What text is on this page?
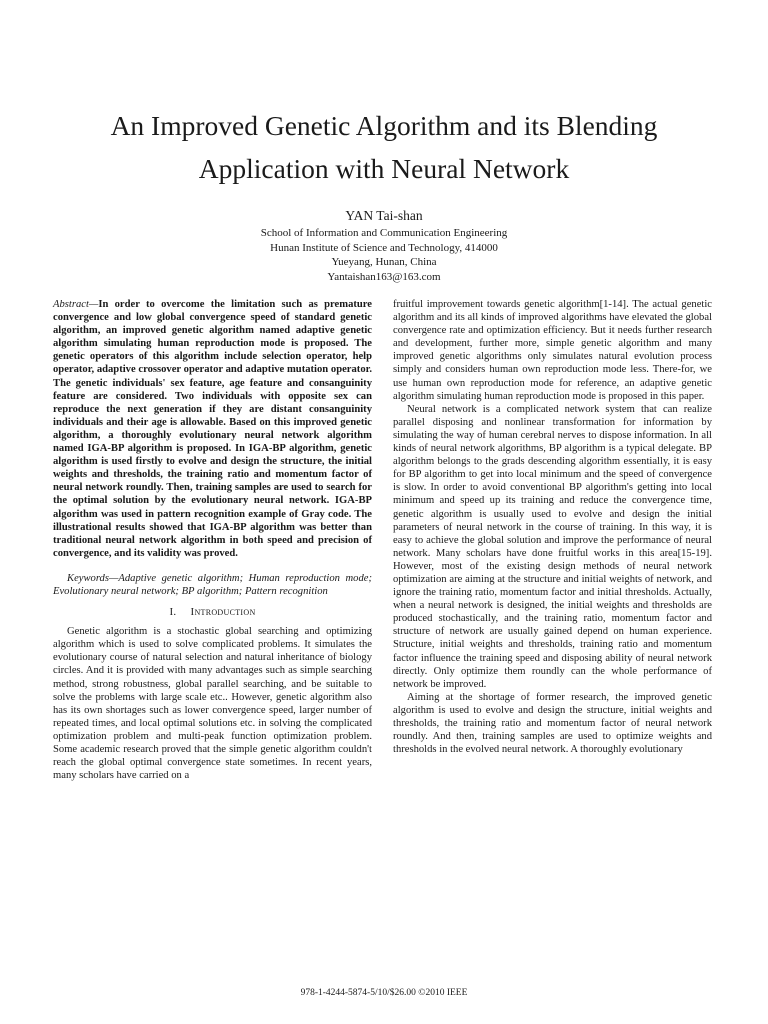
An Improved Genetic Algorithm and its Blending
Application with Neural Network

YAN Tai-shan

School of Information and Communication Engineering

Hunan Institute of Science and Technology, 414000

Yueyang, Hunan, China

Yantaishan163@163.com

Abstract—In order to overcome the limitation such as premature convergence and low global convergence speed of standard genetic algorithm, an improved genetic algorithm named adaptive genetic algorithm simulating human reproduction mode is proposed. The genetic operators of this algorithm include selection operator, help operator, adaptive crossover operator and adaptive mutation operator. The genetic individuals' sex feature, age feature and consanguinity feature are considered. Two individuals with opposite sex can reproduce the next generation if they are distant consanguinity individuals and their age is allowable. Based on this improved genetic algorithm, a thoroughly evolutionary neural network algorithm named IGA-BP algorithm is proposed. In IGA-BP algorithm, genetic algorithm is used firstly to evolve and design the structure, the initial weights and thresholds, the training ratio and momentum factor of neural network roundly. Then, training samples are used to search for the optimal solution by the evolutionary neural network. IGA-BP algorithm was used in pattern recognition example of Gray code. The illustrational results showed that IGA-BP algorithm was better than traditional neural network algorithm in both speed and precision of convergence, and its validity was proved.

Keywords—Adaptive genetic algorithm; Human reproduction mode; Evolutionary neural network; BP algorithm; Pattern recognition

I. Introduction

Genetic algorithm is a stochastic global searching and optimizing algorithm which is used to solve complicated problems. It simulates the evolutionary course of natural selection and natural inheritance of biology circles. And it is provided with many advantages such as simple searching method, strong robustness, global parallel searching, and be suitable to solve the problems with large scale etc.. However, genetic algorithm also has its own shortages such as lower convergence speed, larger number of repeated times, and local optimal solutions etc. in solving the complicated optimization problem and multi-peak function optimization problem. Some academic research proved that the simple genetic algorithm couldn't reach the global optimal convergence state sometimes. In recent years, many scholars have carried on a

fruitful improvement towards genetic algorithm[1-14]. The actual genetic algorithm and its all kinds of improved algorithms have elevated the global convergence rate and optimization efficiency. But it needs further research and development, further more, simple genetic algorithm and many improved genetic algorithms only simulates natural evolution process simply and considers human own reproduction mode less. There-for, we use human own reproduction mode for reference, an adaptive genetic algorithm simulating human reproduction mode is proposed in this paper.

Neural network is a complicated network system that can realize parallel disposing and nonlinear transformation for information by simulating the way of human cerebral nerves to dispose information. In all kinds of neural network algorithms, BP algorithm is a typical delegate. BP algorithm belongs to the grads descending algorithm essentially, it is easy for BP algorithm to get into local minimum and the speed of convergence is slow. In order to avoid conventional BP algorithm's getting into local minimum and speed up its training and reduce the convergence time, genetic algorithm is usually used to evolve and design the initial parameters of neural network in the course of training. In this way, it is easy to achieve the global solution and improve the performance of neural network. Many scholars have done fruitful works in this area[15-19]. However, most of the existing design methods of neural network optimization are aiming at the structure and initial weights of network, and ignore the training ratio, momentum factor and initial thresholds. Actually, when a neural network is designed, the initial weights and thresholds are produced stochastically, and the training ratio, momentum factor and structure of network are usually gained depend on human experience. Structure, initial weights and thresholds, training ratio and momentum factor influence the training speed and disposing ability of neural network directly. Only optimize them roundly can the whole performance of network be improved.

Aiming at the shortage of former research, the improved genetic algorithm is used to evolve and design the structure, initial weights and thresholds, the training ratio and momentum factor of neural network roundly. And then, training samples are used to optimize weights and thresholds in the evolved neural network. A thoroughly evolutionary

978-1-4244-5874-5/10/$26.00 ©2010 IEEE
